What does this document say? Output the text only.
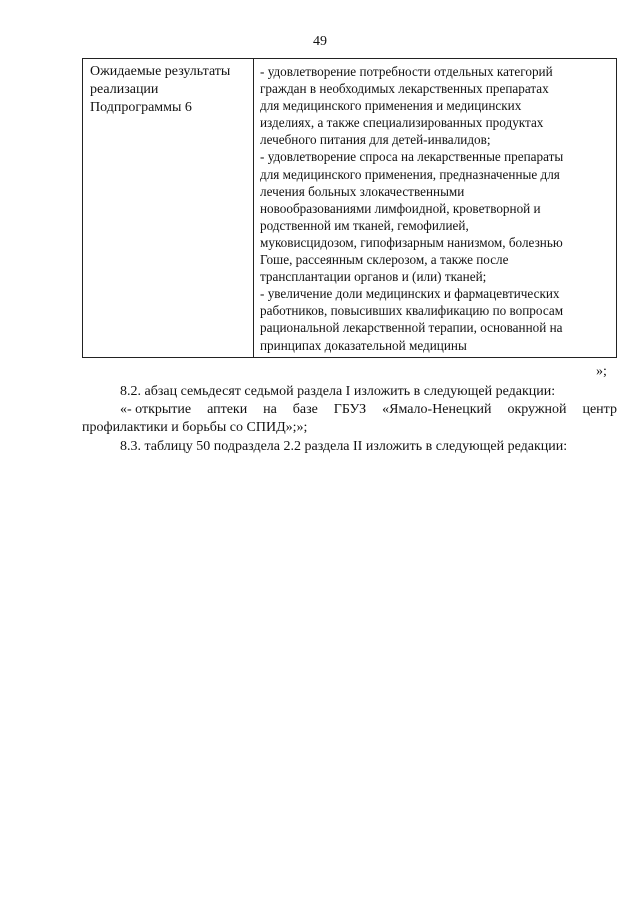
49
Ожидаемые результаты
реализации
Подпрограммы 6
- удовлетворение потребности отдельных категорий
граждан в необходимых лекарственных препаратах
для медицинского применения и медицинских
изделиях, а также специализированных продуктах
лечебного питания для детей-инвалидов;
- удовлетворение спроса на лекарственные препараты
для медицинского применения, предназначенные для
лечения больных злокачественными
новообразованиями лимфоидной, кроветворной и
родственной им тканей, гемофилией,
муковисцидозом, гипофизарным нанизмом, болезнью
Гоше, рассеянным склерозом, а также после
трансплантации органов и (или) тканей;
- увеличение доли медицинских и фармацевтических
работников, повысивших квалификацию по вопросам
рациональной лекарственной терапии, основанной на
принципах доказательной медицины
»;
8.2. абзац семьдесят седьмой раздела I изложить в следующей редакции:
«- открытие аптеки на базе ГБУЗ «Ямало-Ненецкий окружной центр
профилактики и борьбы со СПИД»;»;
8.3. таблицу 50 подраздела 2.2 раздела II изложить в следующей редакции:
